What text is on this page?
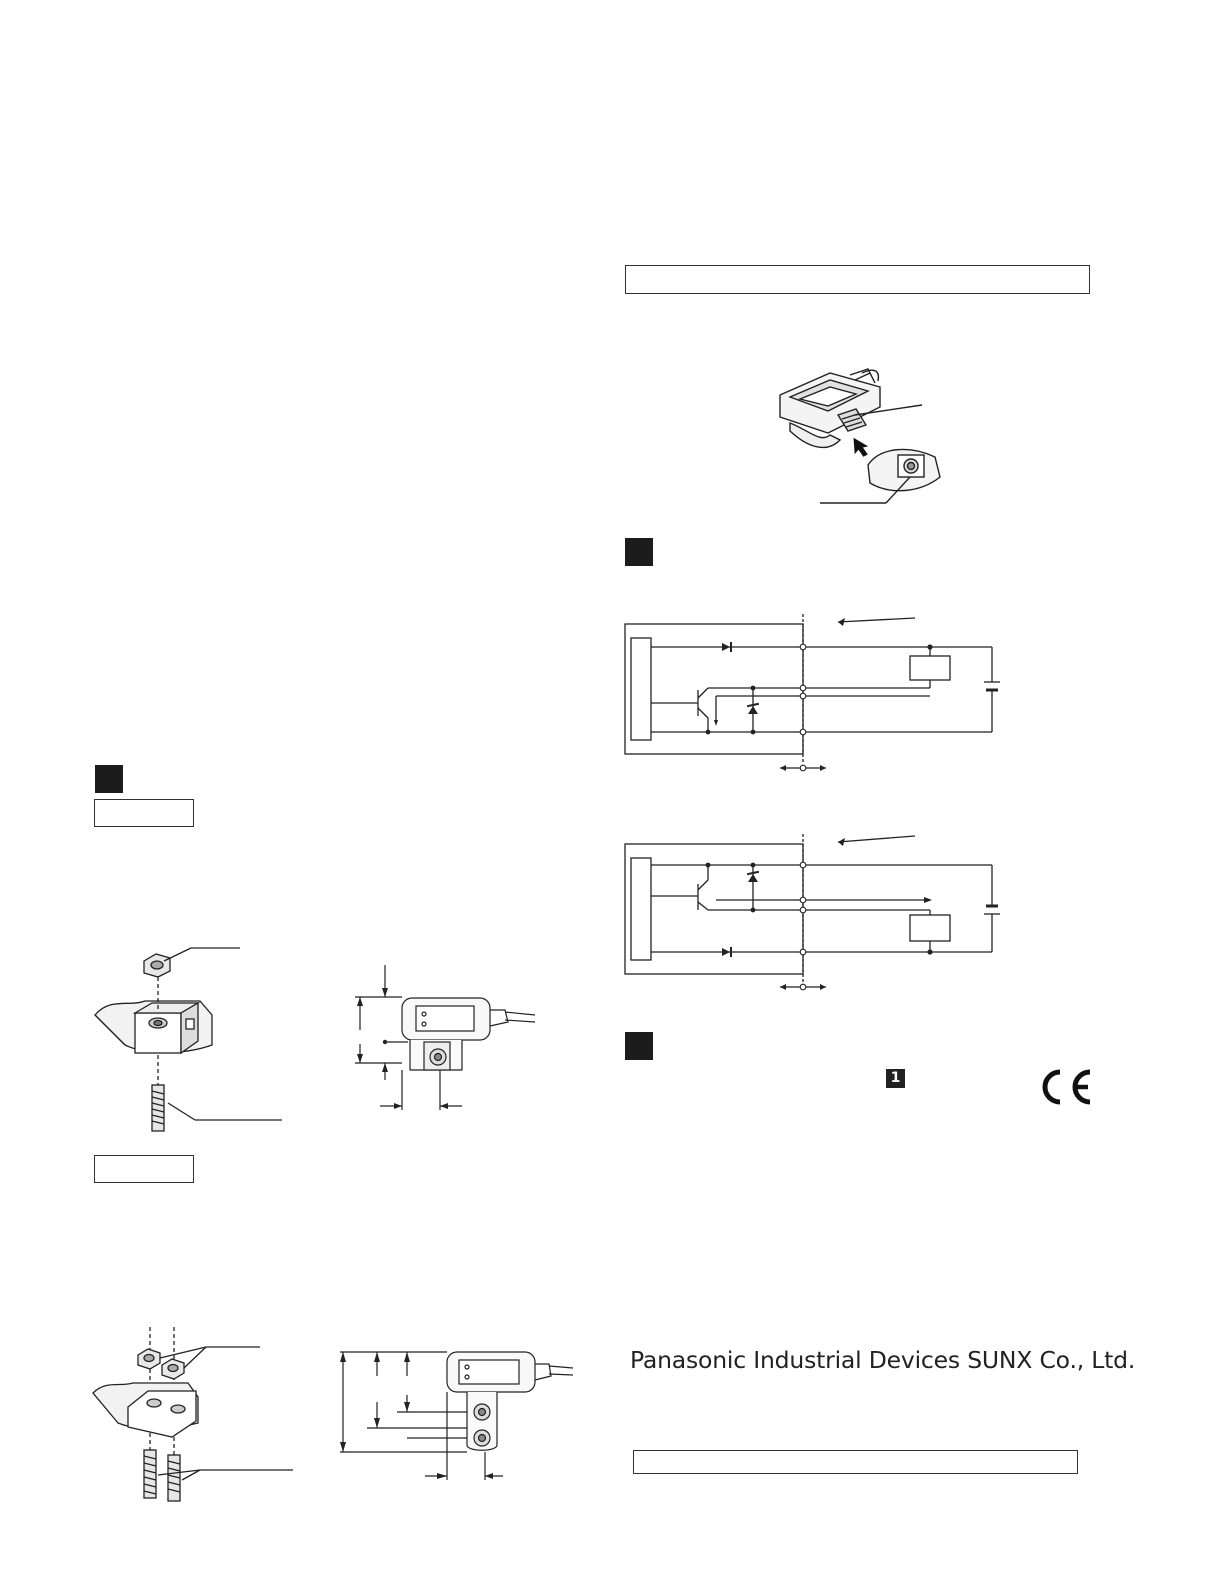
1
Panasonic Industrial Devices SUNX Co., Ltd.
